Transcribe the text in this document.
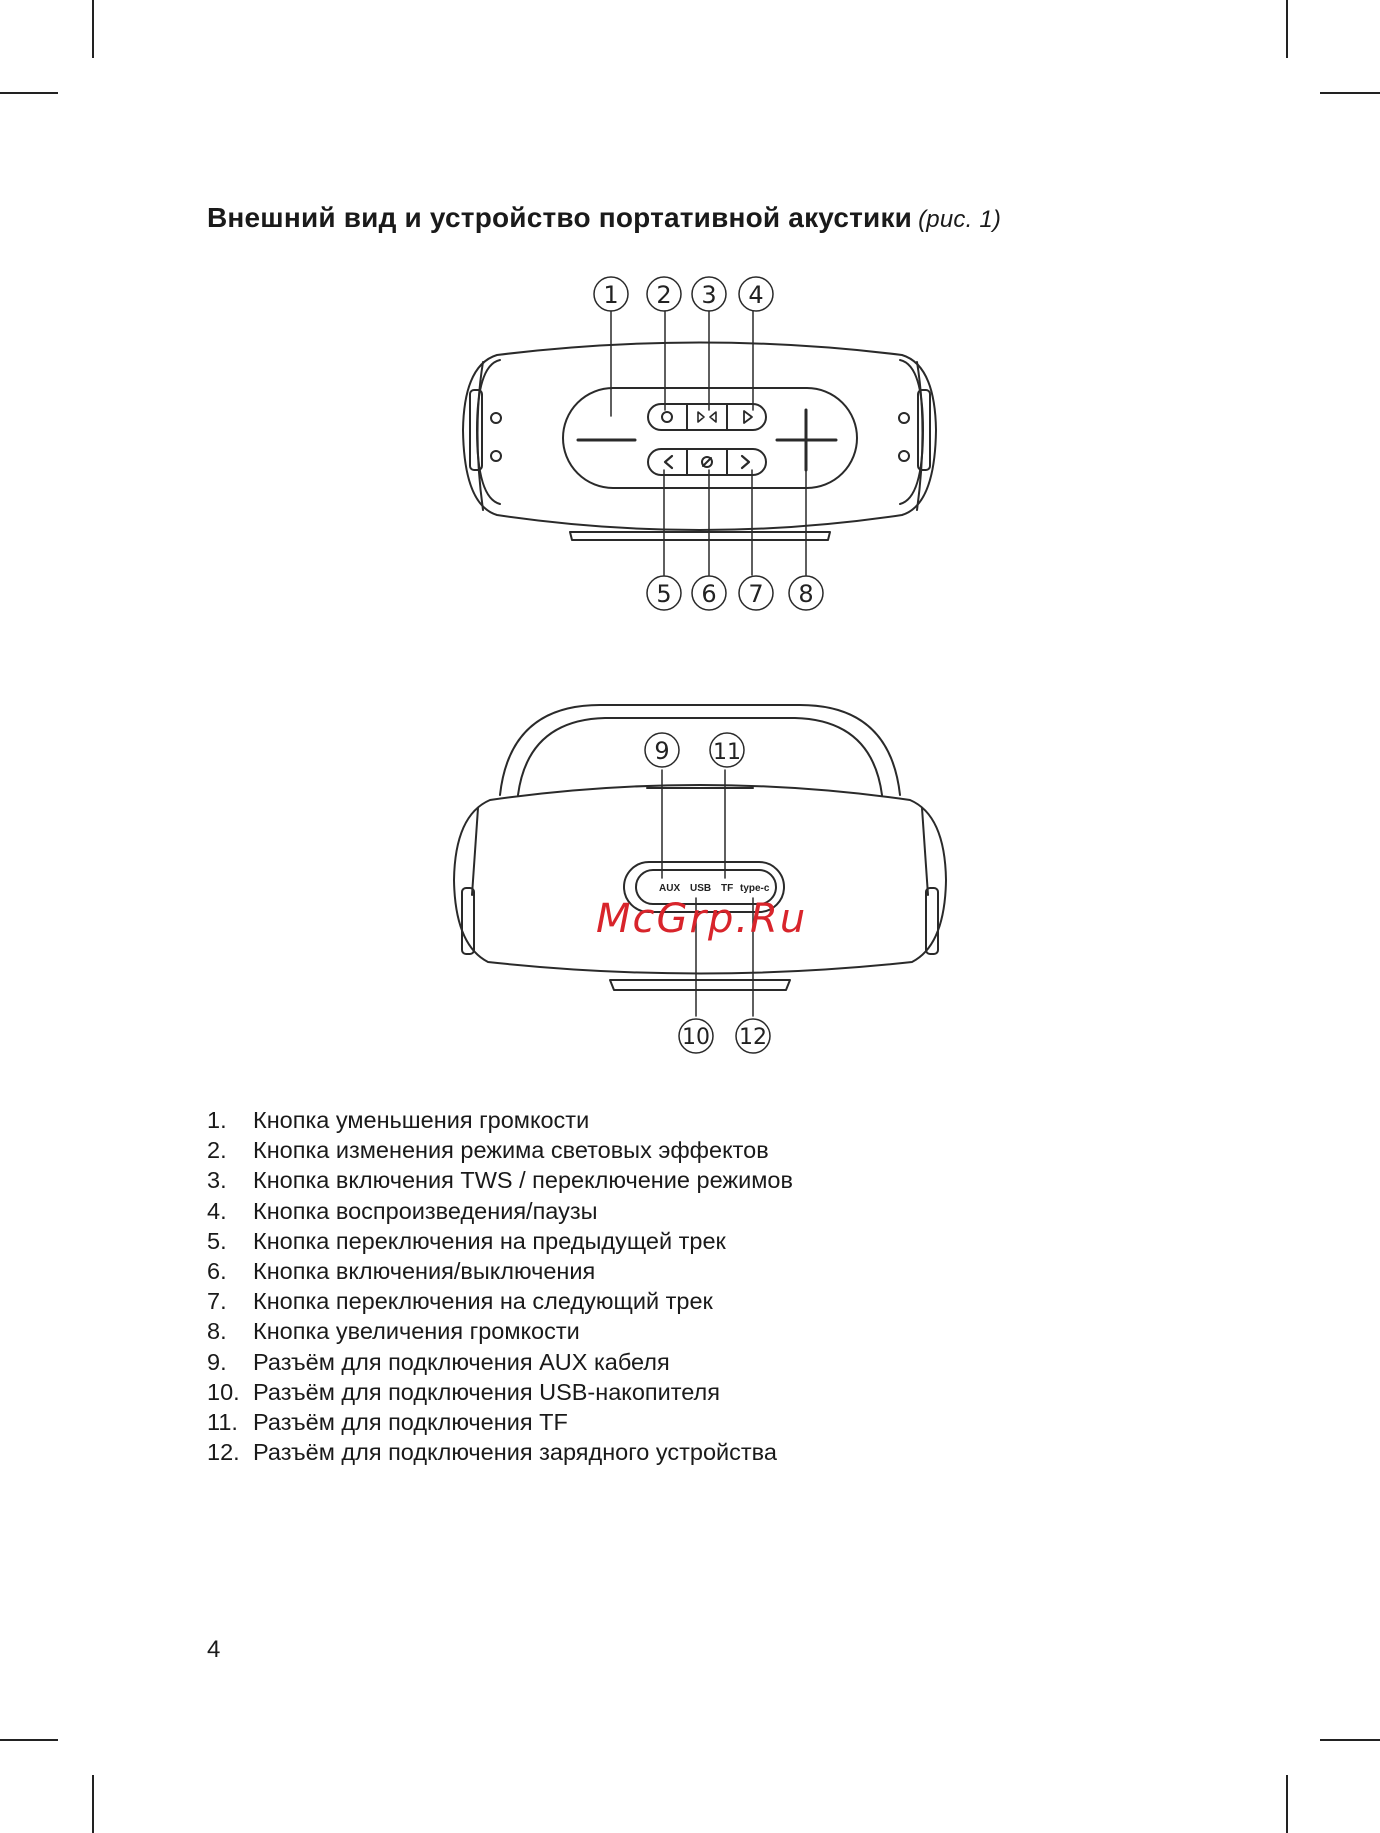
Внешний вид и устройство портативной акустики (рис. 1)
AUX USB TF type-c
1 2 3 4
5 6 7 8
9 11
10 12
McGrp.Ru
1.	Кнопка уменьшения громкости
2.	Кнопка изменения режима световых эффектов
3.	Кнопка включения TWS / переключение режимов
4.	Кнопка воспроизведения/паузы
5.	Кнопка переключения на предыдущей трек
6.	Кнопка включения/выключения
7.	Кнопка переключения на следующий трек
8.	Кнопка увеличения громкости
9.	Разъём для подключения AUX кабеля
10. Разъём для подключения USB-накопителя
11. Разъём для подключения TF
12. Разъём для подключения зарядного устройства
4
